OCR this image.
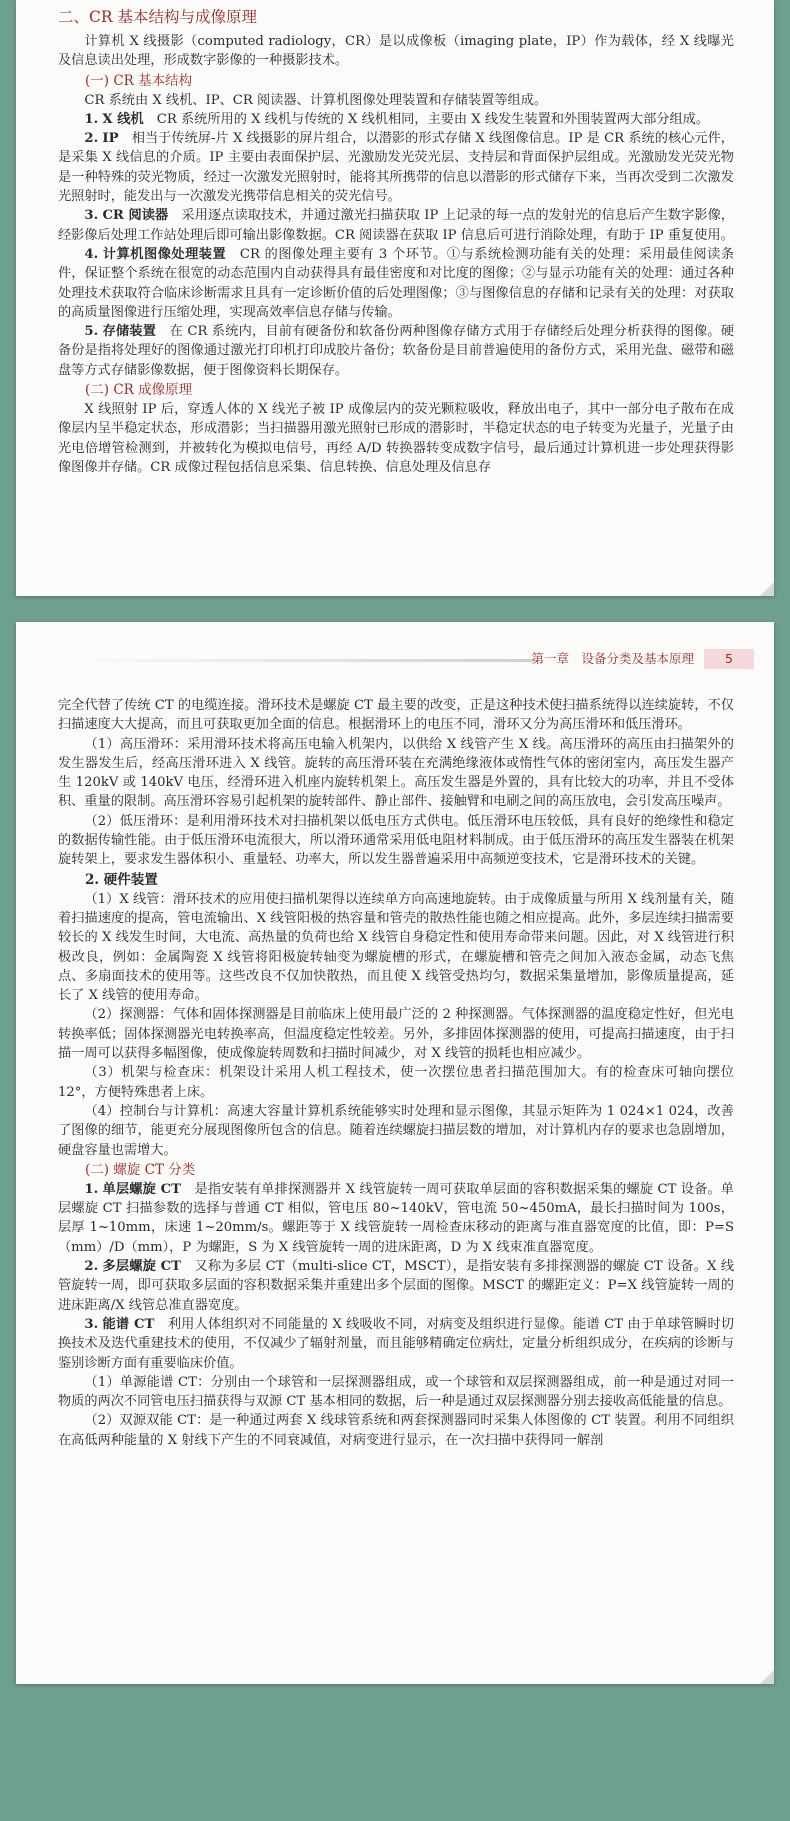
二、CR 基本结构与成像原理

计算机 X 线摄影（computed radiology，CR）是以成像板（imaging plate，IP）作为载体，经 X 线曝光及信息读出处理，形成数字影像的一种摄影技术。

(一) CR 基本结构

CR 系统由 X 线机、IP、CR 阅读器、计算机图像处理装置和存储装置等组成。

1. X 线机　 CR 系统所用的 X 线机与传统的 X 线机相同，主要由 X 线发生装置和外围装置两大部分组成。

2. IP　 相当于传统屏-片 X 线摄影的屏片组合，以潜影的形式存储 X 线图像信息。IP 是 CR 系统的核心元件，是采集 X 线信息的介质。IP 主要由表面保护层、光激励发光荧光层、支持层和背面保护层组成。光激励发光荧光物是一种特殊的荧光物质，经过一次激发光照射时，能将其所携带的信息以潜影的形式储存下来，当再次受到二次激发光照射时，能发出与一次激发光携带信息相关的荧光信号。

3. CR 阅读器　 采用逐点读取技术，并通过激光扫描获取 IP 上记录的每一点的发射光的信息后产生数字影像，经影像后处理工作站处理后即可输出影像数据。CR 阅读器在获取 IP 信息后可进行消除处理，有助于 IP 重复使用。

4. 计算机图像处理装置　 CR 的图像处理主要有 3 个环节。①与系统检测功能有关的处理：采用最佳阅读条件，保证整个系统在很宽的动态范围内自动获得具有最佳密度和对比度的图像；②与显示功能有关的处理：通过各种处理技术获取符合临床诊断需求且具有一定诊断价值的后处理图像；③与图像信息的存储和记录有关的处理：对获取的高质量图像进行压缩处理，实现高效率信息存储与传输。

5. 存储装置　 在 CR 系统内，目前有硬备份和软备份两种图像存储方式用于存储经后处理分析获得的图像。硬备份是指将处理好的图像通过激光打印机打印成胶片备份；软备份是目前普遍使用的备份方式，采用光盘、磁带和磁盘等方式存储影像数据，便于图像资料长期保存。

(二) CR 成像原理

X 线照射 IP 后，穿透人体的 X 线光子被 IP 成像层内的荧光颗粒吸收，释放出电子，其中一部分电子散布在成像层内呈半稳定状态，形成潜影；当扫描器用激光照射已形成的潜影时，半稳定状态的电子转变为光量子，光量子由光电倍增管检测到，并被转化为模拟电信号，再经 A/D 转换器转变成数字信号，最后通过计算机进一步处理获得影像图像并存储。CR 成像过程包括信息采集、信息转换、信息处理及信息存

第一章　设备分类及基本原理	5

完全代替了传统 CT 的电缆连接。滑环技术是螺旋 CT 最主要的改变，正是这种技术使扫描系统得以连续旋转，不仅扫描速度大大提高，而且可获取更加全面的信息。根据滑环上的电压不同，滑环又分为高压滑环和低压滑环。

（1）高压滑环：采用滑环技术将高压电输入机架内，以供给 X 线管产生 X 线。高压滑环的高压由扫描架外的发生器发生后，经高压滑环进入 X 线管。旋转的高压滑环装在充满绝缘液体或惰性气体的密闭室内，高压发生器产生 120kV 或 140kV 电压，经滑环进入机座内旋转机架上。高压发生器是外置的，具有比较大的功率，并且不受体积、重量的限制。高压滑环容易引起机架的旋转部件、静止部件、接触臂和电刷之间的高压放电，会引发高压噪声。

（2）低压滑环：是利用滑环技术对扫描机架以低电压方式供电。低压滑环电压较低，具有良好的绝缘性和稳定的数据传输性能。由于低压滑环电流很大，所以滑环通常采用低电阻材料制成。由于低压滑环的高压发生器装在机架旋转架上，要求发生器体积小、重量轻、功率大，所以发生器普遍采用中高频逆变技术，它是滑环技术的关键。

2. 硬件装置

（1）X 线管：滑环技术的应用使扫描机架得以连续单方向高速地旋转。由于成像质量与所用 X 线剂量有关，随着扫描速度的提高，管电流输出、X 线管阳极的热容量和管壳的散热性能也随之相应提高。此外，多层连续扫描需要较长的 X 线发生时间，大电流、高热量的负荷也给 X 线管自身稳定性和使用寿命带来问题。因此，对 X 线管进行积极改良，例如：金属陶瓷 X 线管将阳极旋转轴变为螺旋槽的形式，在螺旋槽和管壳之间加入液态金属，动态飞焦点、多扇面技术的使用等。这些改良不仅加快散热，而且使 X 线管受热均匀，数据采集量增加，影像质量提高，延长了 X 线管的使用寿命。

（2）探测器：气体和固体探测器是目前临床上使用最广泛的 2 种探测器。气体探测器的温度稳定性好，但光电转换率低；固体探测器光电转换率高，但温度稳定性较差。另外，多排固体探测器的使用，可提高扫描速度，由于扫描一周可以获得多幅图像，使成像旋转周数和扫描时间减少，对 X 线管的损耗也相应减少。

（3）机架与检查床：机架设计采用人机工程技术，使一次摆位患者扫描范围加大。有的检查床可轴向摆位 12°，方便特殊患者上床。

（4）控制台与计算机：高速大容量计算机系统能够实时处理和显示图像，其显示矩阵为 1 024×1 024，改善了图像的细节，能更充分展现图像所包含的信息。随着连续螺旋扫描层数的增加，对计算机内存的要求也急剧增加，硬盘容量也需增大。

(二) 螺旋 CT 分类

1. 单层螺旋 CT　 是指安装有单排探测器并 X 线管旋转一周可获取单层面的容积数据采集的螺旋 CT 设备。单层螺旋 CT 扫描参数的选择与普通 CT 相似，管电压 80~140kV，管电流 50~450mA，最长扫描时间为 100s，层厚 1~10mm，床速 1~20mm/s。螺距等于 X 线管旋转一周检查床移动的距离与准直器宽度的比值，即：P=S（mm）/D（mm），P 为螺距，S 为 X 线管旋转一周的进床距离，D 为 X 线束准直器宽度。

2. 多层螺旋 CT　 又称为多层 CT（multi-slice CT，MSCT），是指安装有多排探测器的螺旋 CT 设备。X 线管旋转一周，即可获取多层面的容积数据采集并重建出多个层面的图像。MSCT 的螺距定义：P=X 线管旋转一周的进床距离/X 线管总准直器宽度。

3. 能谱 CT　 利用人体组织对不同能量的 X 线吸收不同，对病变及组织进行显像。能谱 CT 由于单球管瞬时切换技术及迭代重建技术的使用，不仅减少了辐射剂量，而且能够精确定位病灶，定量分析组织成分，在疾病的诊断与鉴别诊断方面有重要临床价值。

（1）单源能谱 CT：分别由一个球管和一层探测器组成，或一个球管和双层探测器组成，前一种是通过对同一物质的两次不同管电压扫描获得与双源 CT 基本相同的数据，后一种是通过双层探测器分别去接收高低能量的信息。

（2）双源双能 CT：是一种通过两套 X 线球管系统和两套探测器同时采集人体图像的 CT 装置。利用不同组织在高低两种能量的 X 射线下产生的不同衰减值，对病变进行显示，在一次扫描中获得同一解剖
